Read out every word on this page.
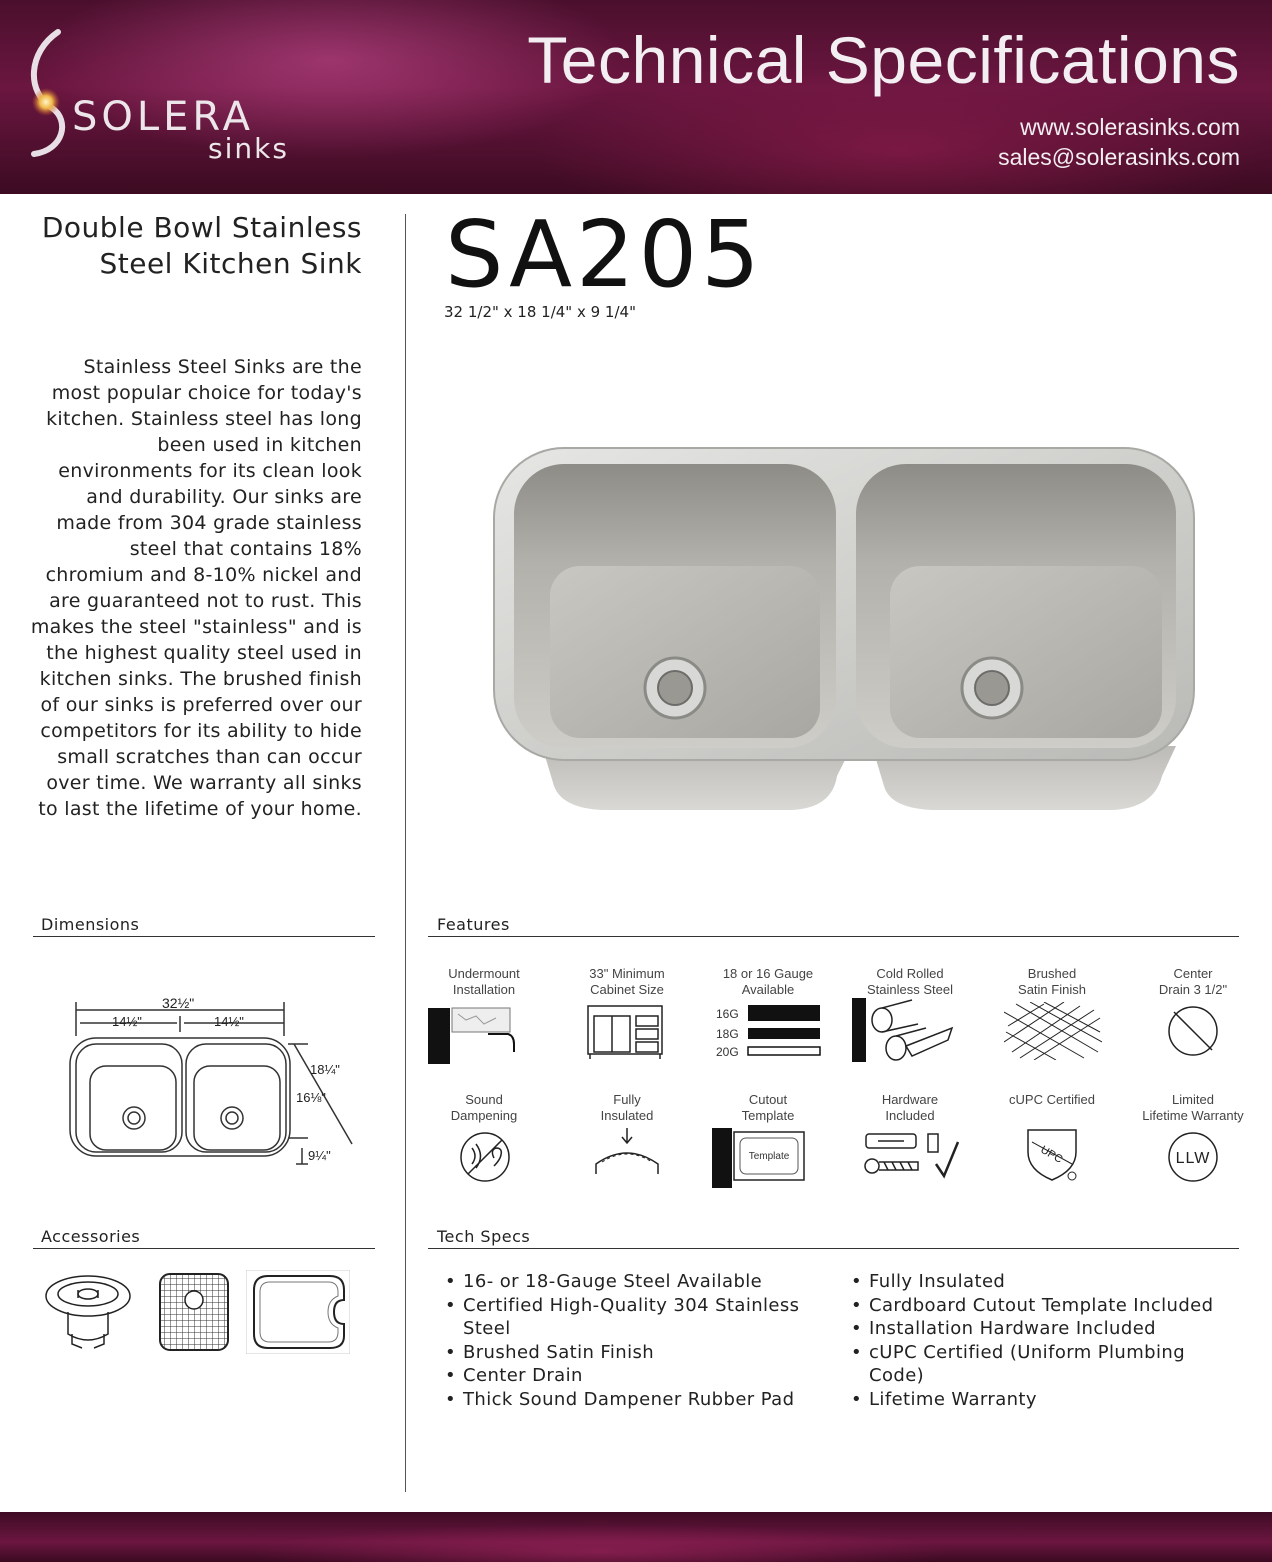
SOLERA
sinks
Technical Specifications
www.solerasinks.com
sales@solerasinks.com
Double Bowl Stainless Steel Kitchen Sink
Stainless Steel Sinks are the most popular choice for today's kitchen. Stainless steel has long been used in kitchen environments for its clean look and durability. Our sinks are made from 304 grade stainless steel that contains 18% chromium and 8-10% nickel and are guaranteed not to rust. This makes the steel "stainless" and is the highest quality steel used in kitchen sinks. The brushed finish of our sinks is preferred over our competitors for its ability to hide small scratches than can occur over time. We warranty all sinks to last the lifetime of your home.
SA205
32 1/2" x 18 1/4" x 9 1/4"
Dimensions
32½"
14½"	14½"
18¼"
16⅛"
9¼"
Features
Undermount
Installation
33" Minimum
Cabinet Size
18 or 16 Gauge
Available
16G
18G
20G
Cold Rolled
Stainless Steel
Brushed
Satin Finish
Center
Drain 3 1/2"
Sound
Dampening
Fully
Insulated
Cutout
Template
Template
Hardware
Included
cUPC Certified
UPC
Limited
Lifetime Warranty
LLW
Accessories	Tech Specs
• 16- or 18-Gauge Steel Available
• Certified High-Quality 304 Stainless Steel
• Brushed Satin Finish
• Center Drain
• Thick Sound Dampener Rubber Pad
• Fully Insulated
• Cardboard Cutout Template Included
• Installation Hardware Included
• cUPC Certified (Uniform Plumbing Code)
• Lifetime Warranty
